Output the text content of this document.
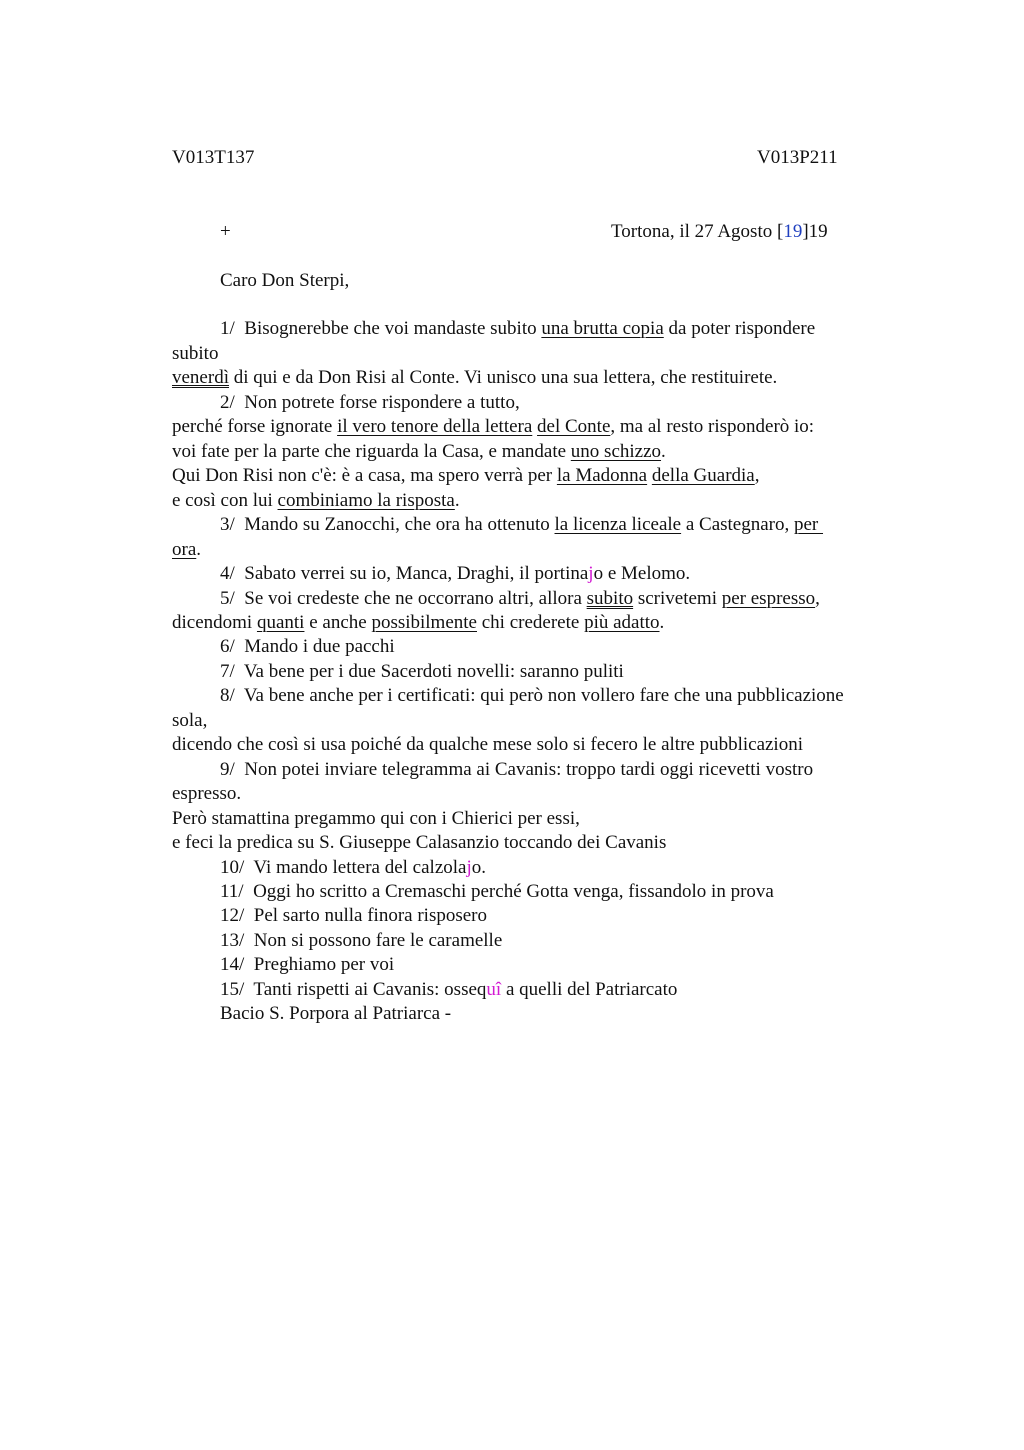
V013T137	V013P211
+	Tortona, il 27 Agosto [19]19
Caro Don Sterpi,
1/  Bisognerebbe che voi mandaste subito una brutta copia da poter rispondere
subito
venerdì di qui e da Don Risi al Conte. Vi unisco una sua lettera, che restituirete.
2/  Non potrete forse rispondere a tutto,
perché forse ignorate il vero tenore della lettera del Conte, ma al resto risponderò io:
voi fate per la parte che riguarda la Casa, e mandate uno schizzo.
Qui Don Risi non c'è: è a casa, ma spero verrà per la Madonna della Guardia,
e così con lui combiniamo la risposta.
3/  Mando su Zanocchi, che ora ha ottenuto la licenza liceale a Castegnaro, per
ora.
4/  Sabato verrei su io, Manca, Draghi, il portinajo e Melomo.
5/  Se voi credeste che ne occorrano altri, allora subito scrivetemi per espresso,
dicendomi quanti e anche possibilmente chi crederete più adatto.
6/  Mando i due pacchi
7/  Va bene per i due Sacerdoti novelli: saranno puliti
8/  Va bene anche per i certificati: qui però non vollero fare che una pubblicazione
sola,
dicendo che così si usa poiché da qualche mese solo si fecero le altre pubblicazioni
9/  Non potei inviare telegramma ai Cavanis: troppo tardi oggi ricevetti vostro
espresso.
Però stamattina pregammo qui con i Chierici per essi,
e feci la predica su S. Giuseppe Calasanzio toccando dei Cavanis
10/  Vi mando lettera del calzolajo.
11/  Oggi ho scritto a Cremaschi perché Gotta venga, fissandolo in prova
12/  Pel sarto nulla finora risposero
13/  Non si possono fare le caramelle
14/  Preghiamo per voi
15/  Tanti rispetti ai Cavanis: ossequî a quelli del Patriarcato
Bacio S. Porpora al Patriarca -
